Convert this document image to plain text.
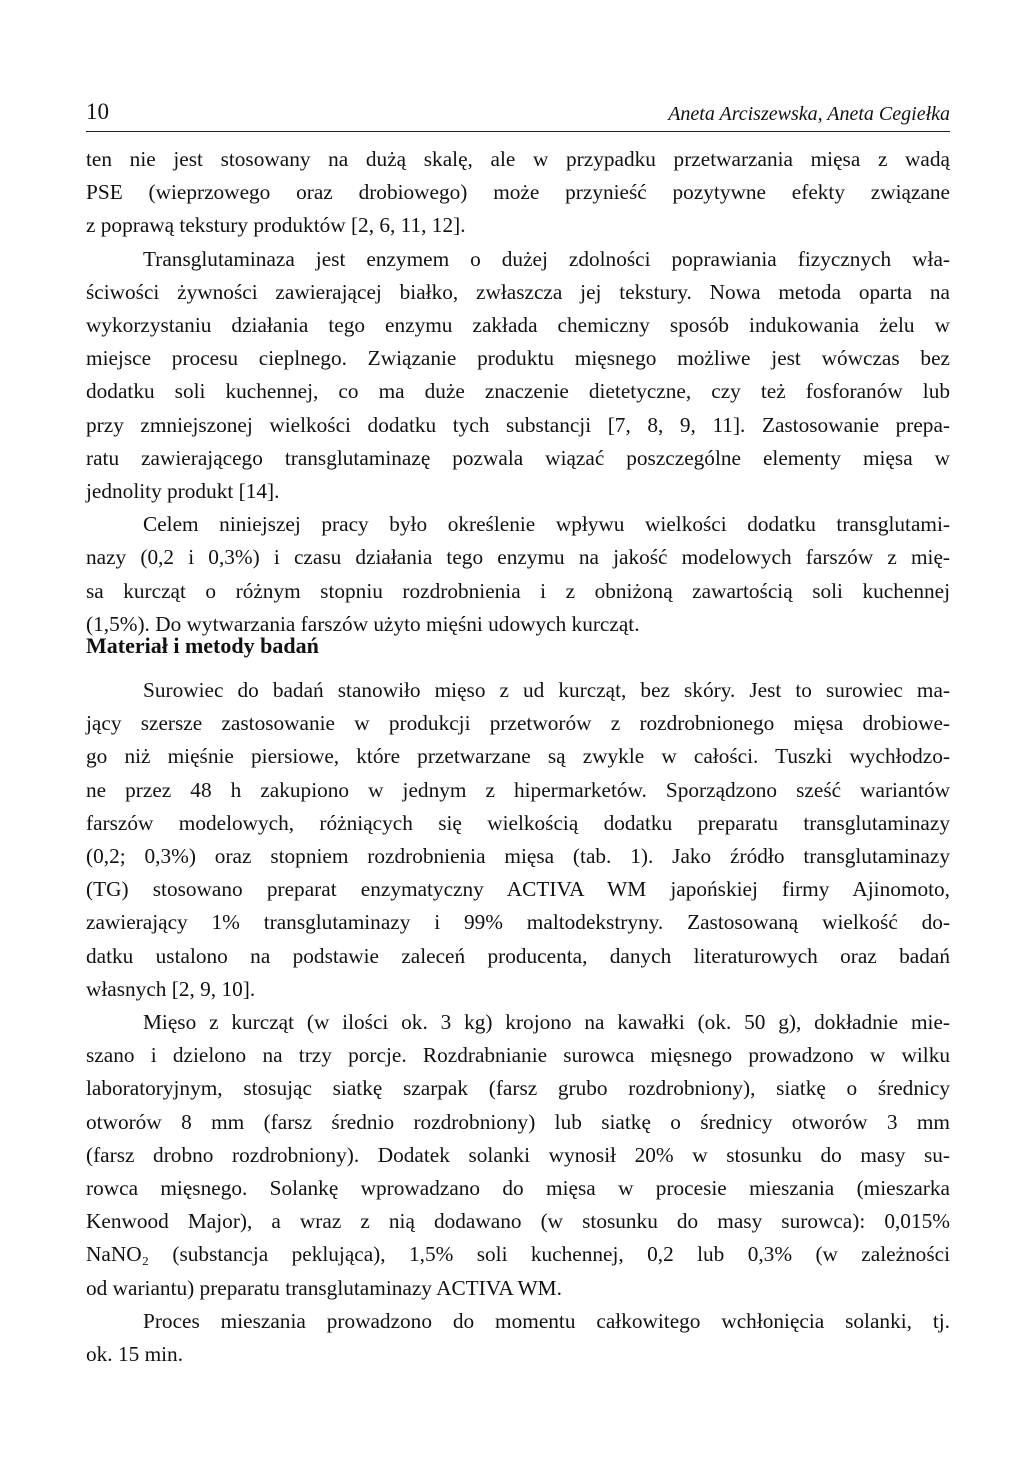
10	Aneta Arciszewska, Aneta Cegiełka
ten nie jest stosowany na dużą skalę, ale w przypadku przetwarzania mięsa z wadą
PSE (wieprzowego oraz drobiowego) może przynieść pozytywne efekty związane
z poprawą tekstury produktów [2, 6, 11, 12].
Transglutaminaza jest enzymem o dużej zdolności poprawiania fizycznych wła-
ściwości żywności zawierającej białko, zwłaszcza jej tekstury. Nowa metoda oparta na
wykorzystaniu działania tego enzymu zakłada chemiczny sposób indukowania żelu w
miejsce procesu cieplnego. Związanie produktu mięsnego możliwe jest wówczas bez
dodatku soli kuchennej, co ma duże znaczenie dietetyczne, czy też fosforanów lub
przy zmniejszonej wielkości dodatku tych substancji [7, 8, 9, 11]. Zastosowanie prepa-
ratu zawierającego transglutaminazę pozwala wiązać poszczególne elementy mięsa w
jednolity produkt [14].
Celem niniejszej pracy było określenie wpływu wielkości dodatku transglutami-
nazy (0,2 i 0,3%) i czasu działania tego enzymu na jakość modelowych farszów z mię-
sa kurcząt o różnym stopniu rozdrobnienia i z obniżoną zawartością soli kuchennej
(1,5%). Do wytwarzania farszów użyto mięśni udowych kurcząt.
Materiał i metody badań
Surowiec do badań stanowiło mięso z ud kurcząt, bez skóry. Jest to surowiec ma-
jący szersze zastosowanie w produkcji przetworów z rozdrobnionego mięsa drobiowe-
go niż mięśnie piersiowe, które przetwarzane są zwykle w całości. Tuszki wychłodzo-
ne przez 48 h zakupiono w jednym z hipermarketów. Sporządzono sześć wariantów
farszów modelowych, różniących się wielkością dodatku preparatu transglutaminazy
(0,2; 0,3%) oraz stopniem rozdrobnienia mięsa (tab. 1). Jako źródło transglutaminazy
(TG) stosowano preparat enzymatyczny ACTIVA WM japońskiej firmy Ajinomoto,
zawierający 1% transglutaminazy i 99% maltodekstryny. Zastosowaną wielkość do-
datku ustalono na podstawie zaleceń producenta, danych literaturowych oraz badań
własnych [2, 9, 10].
Mięso z kurcząt (w ilości ok. 3 kg) krojono na kawałki (ok. 50 g), dokładnie mie-
szano i dzielono na trzy porcje. Rozdrabnianie surowca mięsnego prowadzono w wilku
laboratoryjnym, stosując siatkę szarpak (farsz grubo rozdrobniony), siatkę o średnicy
otworów 8 mm (farsz średnio rozdrobniony) lub siatkę o średnicy otworów 3 mm
(farsz drobno rozdrobniony). Dodatek solanki wynosił 20% w stosunku do masy su-
rowca mięsnego. Solankę wprowadzano do mięsa w procesie mieszania (mieszarka
Kenwood Major), a wraz z nią dodawano (w stosunku do masy surowca): 0,015%
NaNO₂ (substancja peklująca), 1,5% soli kuchennej, 0,2 lub 0,3% (w zależności
od wariantu) preparatu transglutaminazy ACTIVA WM.
Proces mieszania prowadzono do momentu całkowitego wchłonięcia solanki, tj.
ok. 15 min.
